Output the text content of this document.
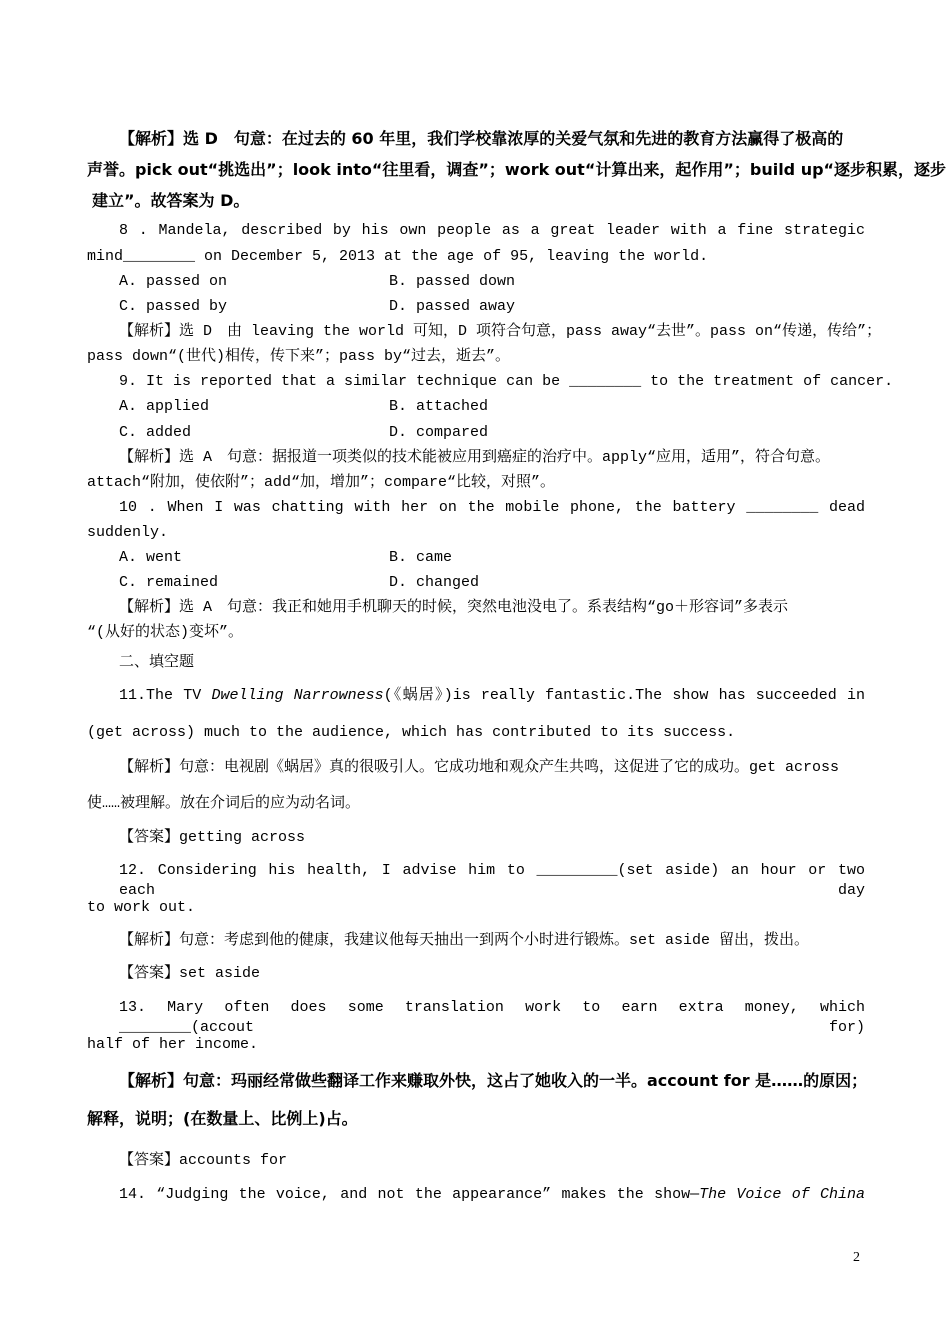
【解析】选 D　句意：在过去的 60 年里，我们学校靠浓厚的关爱气氛和先进的教育方法赢得了极高的

声誉。pick out“挑选出”；look into“往里看，调查”；work out“计算出来，起作用”；build up“逐步积累，逐步

建立”。故答案为 D。

8 . Mandela, described by his own people as a great leader with a fine strategic

mind________ on December 5, 2013 at the age of 95, leaving the world.

A. passed on	B. passed down

C. passed by	D. passed away

【解析】选 D　由 leaving the world 可知，D 项符合句意，pass away“去世”。pass on“传递，传给”；

pass down“(世代)相传，传下来”；pass by“过去，逝去”。

9. It is reported that a similar technique can be ________ to the treatment of cancer.

A. applied	B. attached

C. added	D. compared

【解析】选 A　句意：据报道一项类似的技术能被应用到癌症的治疗中。apply“应用，适用”，符合句意。

attach“附加，使依附”；add“加，增加”；compare“比较，对照”。

10 . When I was chatting with her on the mobile phone, the battery ________ dead

suddenly.

A. went	B. came

C. remained	D. changed

【解析】选 A　句意：我正和她用手机聊天的时候，突然电池没电了。系表结构“go＋形容词”多表示

“(从好的状态)变坏”。

二、填空题

11.The TV Dwelling Narrowness(《蜗居》)is really fantastic.The show has succeeded in

(get across) much to the audience, which has contributed to its success.

【解析】句意：电视剧《蜗居》真的很吸引人。它成功地和观众产生共鸣，这促进了它的成功。get across

使……被理解。放在介词后的应为动名词。

【答案】getting across

12. Considering his health, I advise him to _________(set aside) an hour or two each day

to work out.

【解析】句意：考虑到他的健康，我建议他每天抽出一到两个小时进行锻炼。set aside 留出，拨出。

【答案】set aside

13. Mary often does some translation work to earn extra money, which ________(accout for)

half of her income.

【解析】句意：玛丽经常做些翻译工作来赚取外快，这占了她收入的一半。account for 是……的原因；

解释，说明；(在数量上、比例上)占。

【答案】accounts for

14. “Judging the voice, and not the appearance” makes the show—The Voice of China

2
